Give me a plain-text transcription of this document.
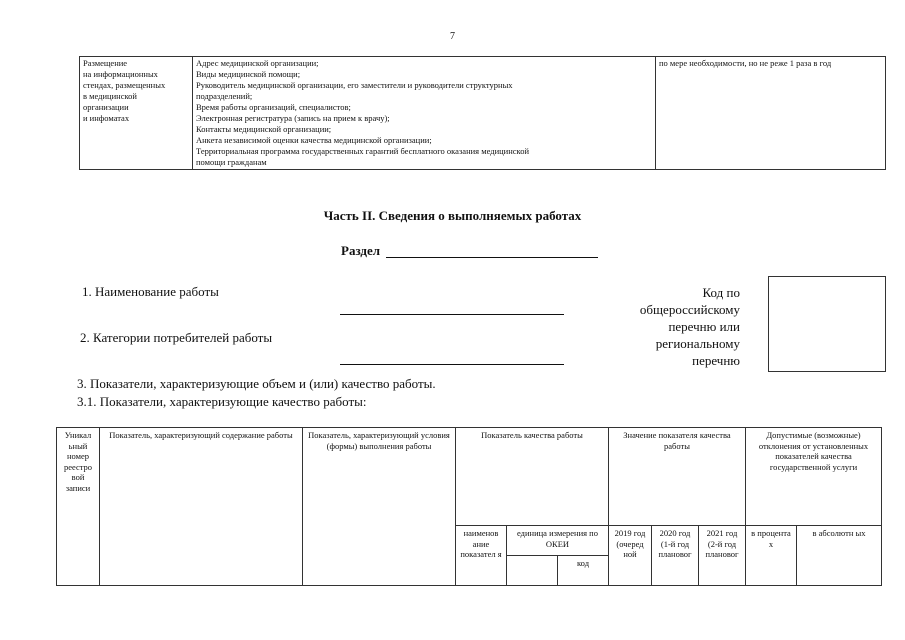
7
Размещение
на информационных
стендах, размещенных
в медицинской
организации
и инфоматах

Адрес медицинской организации;
Виды медицинской помощи;
Руководитель медицинской организации, его заместители и руководители структурных
подразделений;
Время работы организаций, специалистов;
Электронная регистратура (запись на прием к врачу);
Контакты медицинской организации;
Анкета независимой оценки качества медицинской организации;
Территориальная программа государственных гарантий бесплатного оказания медицинской
помощи гражданам
	по мере необходимости, но не реже 1 раза в год
Часть II. Сведения о выполняемых работах
Раздел
1. Наименование работы
2. Категории потребителей работы
Код по
общероссийскому
перечню или
региональному
перечню
3. Показатели, характеризующие объем и (или) качество работы.
3.1. Показатели, характеризующие качество работы:
Уникал ьный номер реестро вой записи	Показатель, характеризующий содержание работы	Показатель, характеризующий условия (формы) выполнения работы	Показатель качества работы			Значение показателя качества работы			Допустимые (возможные) отклонения от установленных показателей качества государственной услуги	
			наименов ание показател я	единица измерения по ОКЕИ		2019 год (очеред ной	2020 год (1-й год плановог	2021 год (2-й год плановог	в процента х	в абсолютн ых
					код					
